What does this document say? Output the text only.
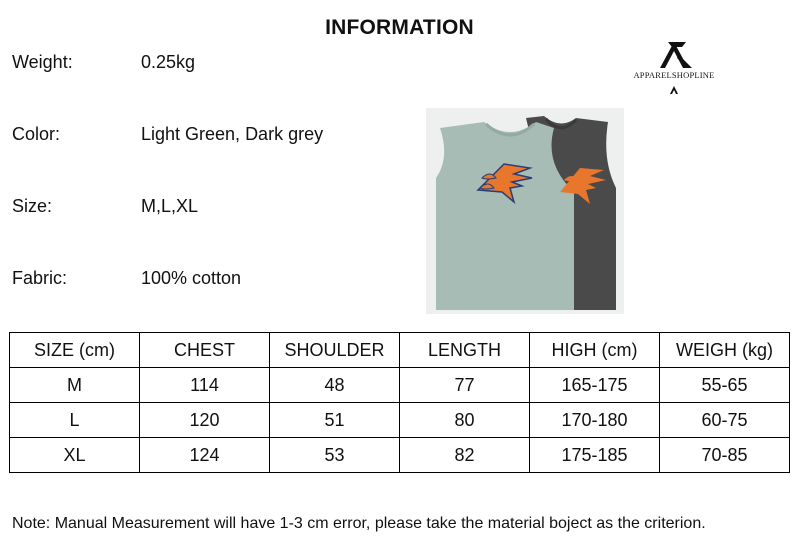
INFORMATION
Weight:	0.25kg
Color:	Light Green, Dark grey
Size:	M,L,XL
Fabric:	100% cotton
APPARELSHOPLINE
SIZE (cm)	CHEST	SHOULDER	LENGTH	HIGH (cm)	WEIGH (kg)
M	114	48	77	165-175	55-65
L	120	51	80	170-180	60-75
XL	124	53	82	175-185	70-85
Note: Manual Measurement will have 1-3 cm error, please take the material boject as the criterion.
